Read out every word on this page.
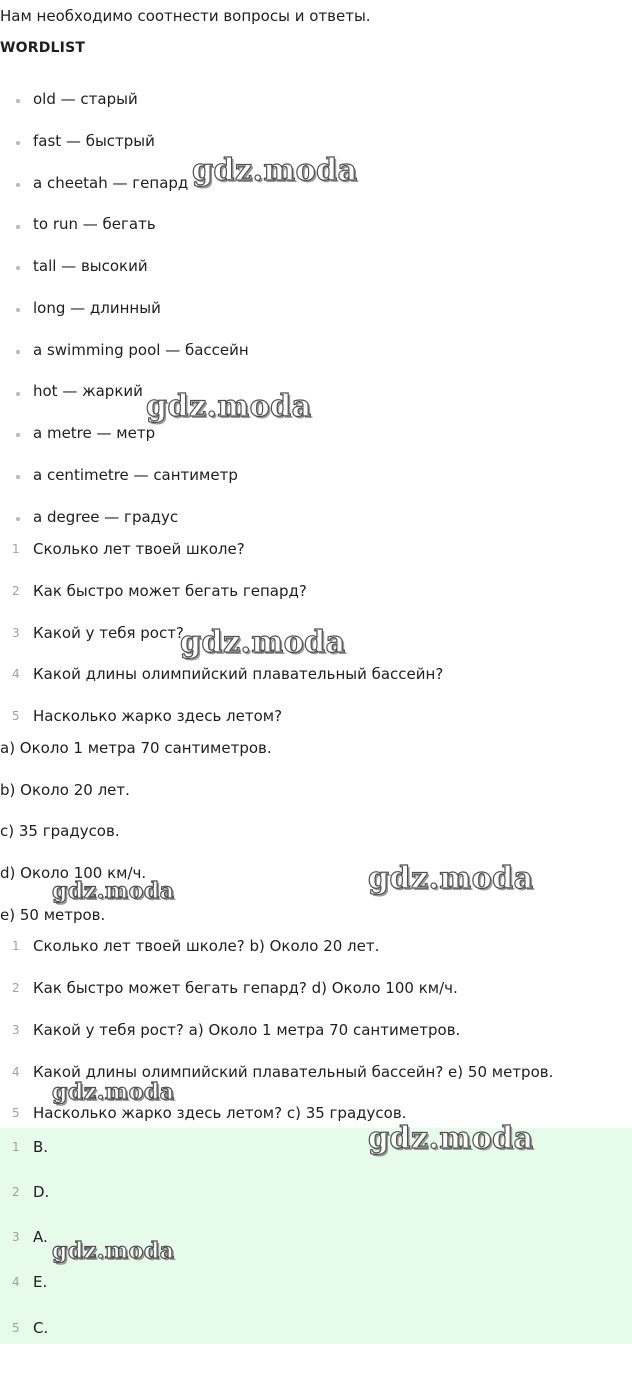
Нам необходимо соотнести вопросы и ответы.
WORDLIST
old — старый
fast — быстрый
a cheetah — гепард
to run — бегать
tall — высокий
long — длинный
a swimming pool — бассейн
hot — жаркий
a metre — метр
a centimetre — сантиметр
a degree — градус
1 Сколько лет твоей школе?
2 Как быстро может бегать гепард?
3 Какой у тебя рост?
4 Какой длины олимпийский плавательный бассейн?
5 Насколько жарко здесь летом?
a) Около 1 метра 70 сантиметров.
b) Около 20 лет.
c) 35 градусов.
d) Около 100 км/ч.
e) 50 метров.
1 Сколько лет твоей школе? b) Около 20 лет.
2 Как быстро может бегать гепард? d) Около 100 км/ч.
3 Какой у тебя рост? a) Около 1 метра 70 сантиметров.
4 Какой длины олимпийский плавательный бассейн? e) 50 метров.
5 Насколько жарко здесь летом? c) 35 градусов.
1 B.
2 D.
3 A.
4 E.
5 C.
gdz.moda
gdz.moda
gdz.moda
gdz.moda
gdz.moda
gdz.moda
gdz.moda
gdz.moda
